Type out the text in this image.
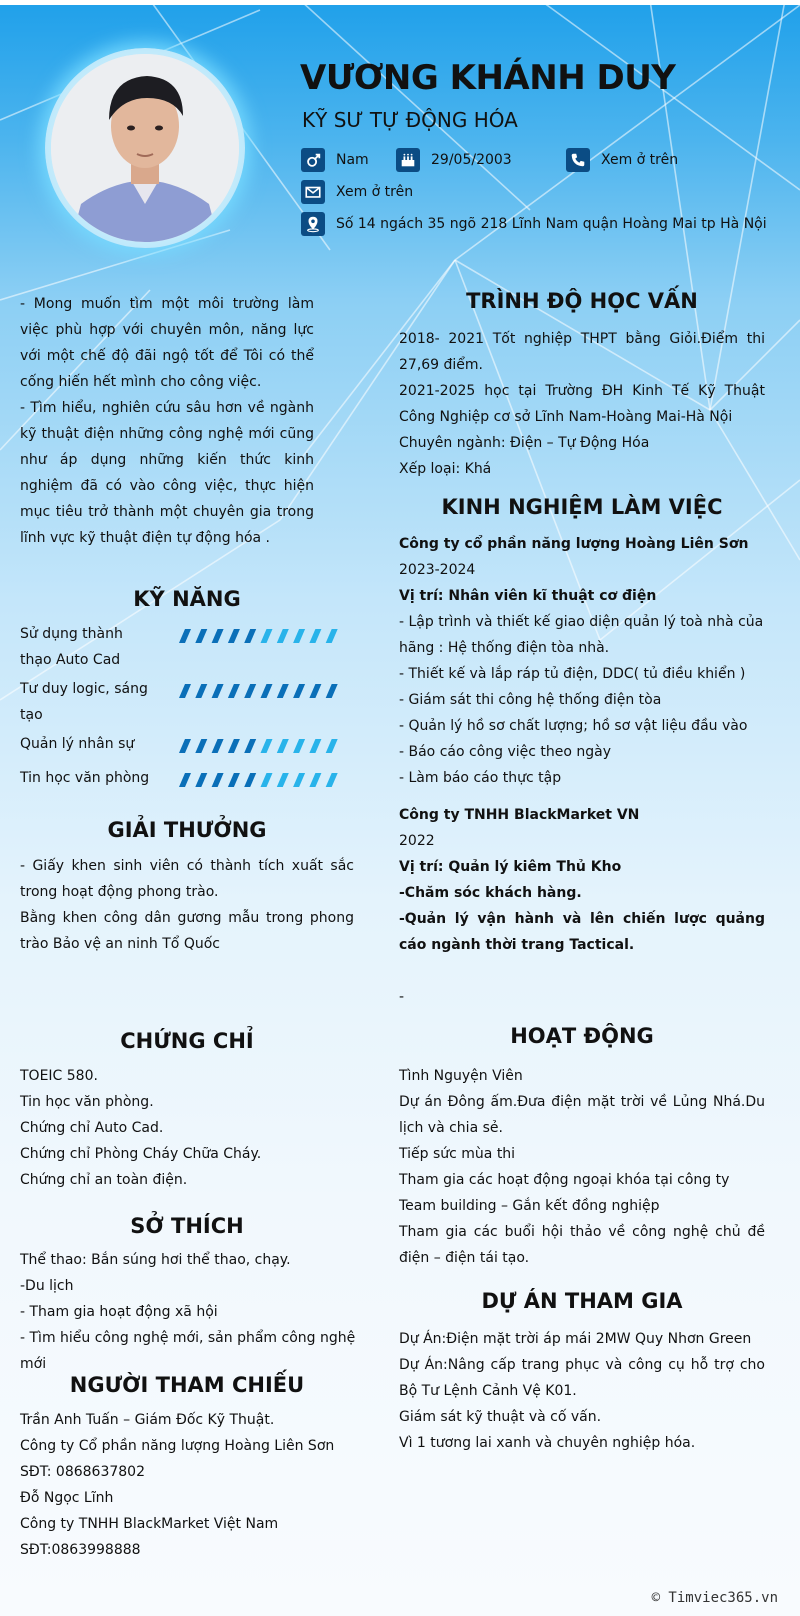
VƯƠNG KHÁNH DUY
KỸ SƯ TỰ ĐỘNG HÓA
Nam	29/05/2003	Xem ở trên
Xem ở trên
Số 14 ngách 35 ngõ 218 Lĩnh Nam quận Hoàng Mai tp Hà Nội

- Mong muốn tìm một môi trường làm việc phù hợp với chuyên môn, năng lực với một chế độ đãi ngộ tốt để Tôi có thể cống hiến hết mình cho công việc.

- Tìm hiểu, nghiên cứu sâu hơn về ngành kỹ thuật điện những công nghệ mới cũng như áp dụng những kiến thức kinh nghiệm đã có vào công việc, thực hiện mục tiêu trở thành một chuyên gia trong lĩnh vực kỹ thuật điện tự động hóa .

KỸ NĂNG
Sử dụng thành thạo Auto Cad
Tư duy logic, sáng tạo
Quản lý nhân sự
Tin học văn phòng
GIẢI THƯỞNG

- Giấy khen sinh viên có thành tích xuất sắc trong hoạt động phong trào.

Bằng khen công dân gương mẫu trong phong trào Bảo vệ an ninh Tổ Quốc

CHỨNG CHỈ

TOEIC 580.

Tin học văn phòng.

Chứng chỉ Auto Cad.

Chứng chỉ Phòng Cháy Chữa Cháy.

Chứng chỉ an toàn điện.

SỞ THÍCH

Thể thao: Bắn súng hơi thể thao, chạy.

-Du lịch

- Tham gia hoạt động xã hội

- Tìm hiểu công nghệ mới, sản phẩm công nghệ mới

NGƯỜI THAM CHIẾU

Trần Anh Tuấn – Giám Đốc Kỹ Thuật.

Công ty Cổ phần năng lượng Hoàng Liên Sơn

SĐT: 0868637802

Đỗ Ngọc Lĩnh

Công ty TNHH BlackMarket Việt Nam

SĐT:0863998888

TRÌNH ĐỘ HỌC VẤN

2018- 2021 Tốt nghiệp THPT bằng Giỏi.Điểm thi 27,69 điểm.

2021-2025 học tại Trường ĐH Kinh Tế Kỹ Thuật Công Nghiệp cơ sở Lĩnh Nam-Hoàng Mai-Hà Nội

Chuyên ngành: Điện – Tự Động Hóa

Xếp loại: Khá

KINH NGHIỆM LÀM VIỆC

Công ty cổ phần năng lượng Hoàng Liên Sơn

2023-2024

Vị trí: Nhân viên kĩ thuật cơ điện

- Lập trình và thiết kế giao diện quản lý toà nhà của hãng : Hệ thống điện tòa nhà.

- Thiết kế và lắp ráp tủ điện, DDC( tủ điều khiển )

- Giám sát thi công hệ thống điện tòa

- Quản lý hồ sơ chất lượng; hồ sơ vật liệu đầu vào

- Báo cáo công việc theo ngày

- Làm báo cáo thực tập

Công ty TNHH BlackMarket VN

2022

Vị trí: Quản lý kiêm Thủ Kho

-Chăm sóc khách hàng.

-Quản lý vận hành và lên chiến lược quảng cáo ngành thời trang Tactical.

-

HOẠT ĐỘNG

Tình Nguyện Viên

Dự án Đông ấm.Đưa điện mặt trời về Lủng Nhá.Du lịch và chia sẻ.

Tiếp sức mùa thi

Tham gia các hoạt động ngoại khóa tại công ty

Team building – Gắn kết đồng nghiệp

Tham gia các buổi hội thảo về công nghệ chủ đề điện – điện tái tạo.

DỰ ÁN THAM GIA

Dự Án:Điện mặt trời áp mái 2MW Quy Nhơn Green

Dự Án:Nâng cấp trang phục và công cụ hỗ trợ cho Bộ Tư Lệnh Cảnh Vệ K01.

Giám sát kỹ thuật và cố vấn.

Vì 1 tương lai xanh và chuyên nghiệp hóa.

© Timviec365.vn
